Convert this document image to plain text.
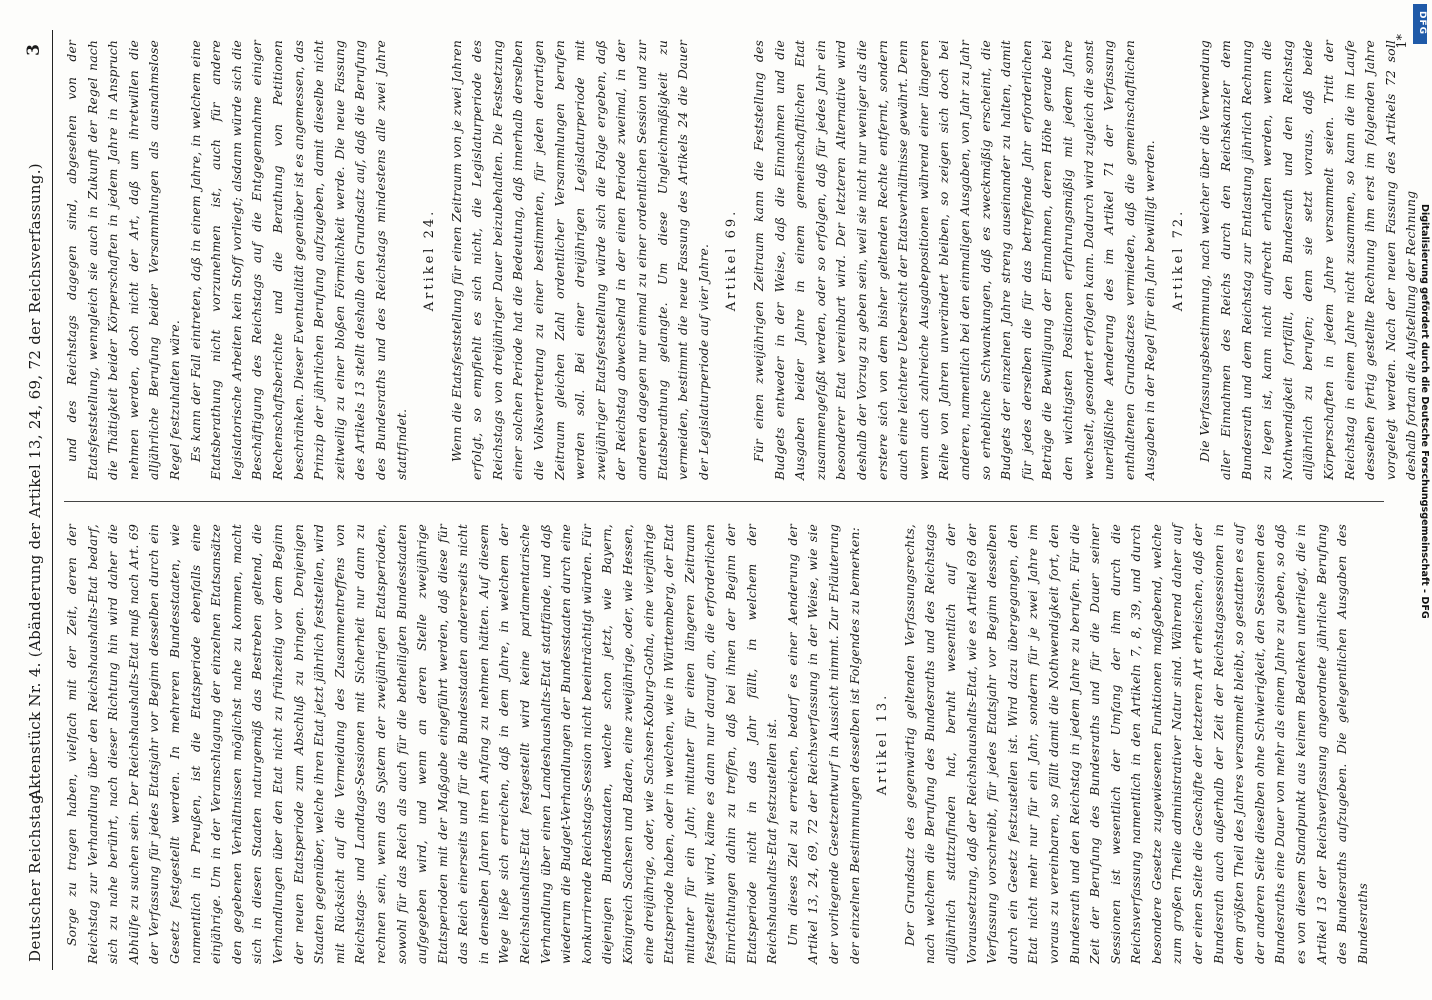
Deutscher Reichstag.
Aktenstück Nr. 4. (Abänderung der Artikel 13, 24, 69, 72 der Reichsverfassung.)
3

Sorge zu tragen haben, vielfach mit der Zeit, deren der Reichstag zur Verhandlung über den Reichshaushalts-Etat bedarf, sich zu nahe berührt, nach dieser Richtung hin wird daher die Abhülfe zu suchen sein. Der Reichshaushalts-Etat muß nach Art. 69 der Verfassung für jedes Etatsjahr vor Beginn desselben durch ein Gesetz festgestellt werden. In mehreren Bundesstaaten, wie namentlich in Preußen, ist die Etatsperiode ebenfalls eine einjährige. Um in der Veranschlagung der einzelnen Etatsansätze den gegebenen Verhältnissen möglichst nahe zu kommen, macht sich in diesen Staaten naturgemäß das Bestreben geltend, die Verhandlungen über den Etat nicht zu frühzeitig vor dem Beginn der neuen Etatsperiode zum Abschluß zu bringen. Denjenigen Staaten gegenüber, welche ihren Etat jetzt jährlich feststellen, wird mit Rücksicht auf die Vermeidung des Zusammentreffens von Reichstags- und Landtags-Sessionen mit Sicherheit nur dann zu rechnen sein, wenn das System der zweijährigen Etatsperioden, sowohl für das Reich als auch für die betheiligten Bundesstaaten aufgegeben wird, und wenn an deren Stelle zweijährige Etatsperioden mit der Maßgabe eingeführt werden, daß diese für das Reich einerseits und für die Bundesstaaten andererseits nicht in denselben Jahren ihren Anfang zu nehmen hätten. Auf diesem Wege ließe sich erreichen, daß in dem Jahre, in welchem der Reichshaushalts-Etat festgestellt wird keine parlamentarische Verhandlung über einen Landeshaushalts-Etat stattfände, und daß wiederum die Budget-Verhandlungen der Bundesstaaten durch eine konkurrirende Reichstags-Session nicht beeinträchtigt würden. Für diejenigen Bundesstaaten, welche schon jetzt, wie Bayern, Königreich Sachsen und Baden, eine zweijährige, oder, wie Hessen, eine dreijährige, oder, wie Sachsen-Koburg-Gotha, eine vierjährige Etatsperiode haben, oder in welchen, wie in Württemberg, der Etat mitunter für ein Jahr, mitunter für einen längeren Zeitraum festgestellt wird, käme es dann nur darauf an, die erforderlichen Einrichtungen dahin zu treffen, daß bei ihnen der Beginn der Etatsperiode nicht in das Jahr fällt, in welchem der Reichshaushalts-Etat festzustellen ist. Um dieses Ziel zu erreichen, bedarf es einer Aenderung der Artikel 13, 24, 69, 72 der Reichsverfassung in der Weise, wie sie der vorliegende Gesetzentwurf in Aussicht nimmt. Zur Erläuterung der einzelnen Bestimmungen desselben ist Folgendes zu bemerken: Artikel 13. Der Grundsatz des gegenwärtig geltenden Verfassungsrechts, nach welchem die Berufung des Bundesraths und des Reichstags alljährlich stattzufinden hat, beruht wesentlich auf der Voraussetzung, daß der Reichshaushalts-Etat, wie es Artikel 69 der Verfassung vorschreibt, für jedes Etatsjahr vor Beginn desselben durch ein Gesetz festzustellen ist. Wird dazu übergegangen, den Etat nicht mehr nur für ein Jahr, sondern für je zwei Jahre im voraus zu vereinbaren, so fällt damit die Nothwendigkeit fort, den Bundesrath und den Reichstag in jedem Jahre zu berufen. Für die Zeit der Berufung des Bundesraths und für die Dauer seiner Sessionen ist wesentlich der Umfang der ihm durch die Reichsverfassung namentlich in den Artikeln 7, 8, 39, und durch besondere Gesetze zugewiesenen Funktionen maßgebend, welche zum großen Theile administrativer Natur sind. Während daher auf der einen Seite die Geschäfte der letzteren Art erheischen, daß der Bundesrath auch außerhalb der Zeit der Reichstagssessionen in dem größten Theil des Jahres versammelt bleibt, so gestatten es auf der anderen Seite dieselben ohne Schwierigkeit, den Sessionen des Bundesraths eine Dauer von mehr als einem Jahre zu geben, so daß es von diesem Standpunkt aus keinem Bedenken unterliegt, die in Artikel 13 der Reichsverfassung angeordnete jährliche Berufung des Bundesraths aufzugeben. Die gelegentlichen Ausgaben des Bundesraths

und des Reichstags dagegen sind, abgesehen von der Etatsfeststellung, wenngleich sie auch in Zukunft der Regel nach die Thätigkeit beider Körperschaften in jedem Jahre in Anspruch nehmen werden, doch nicht der Art, daß um ihretwillen die alljährliche Berufung beider Versammlungen als ausnahmslose Regel festzuhalten wäre. Es kann der Fall eintreten, daß in einem Jahre, in welchem eine Etatsberathung nicht vorzunehmen ist, auch für andere legislatorische Arbeiten kein Stoff vorliegt; alsdann würde sich die Beschäftigung des Reichstags auf die Entgegennahme einiger Rechenschaftsberichte und die Berathung von Petitionen beschränken. Dieser Eventualität gegenüber ist es angemessen, das Prinzip der jährlichen Berufung aufzugeben, damit dieselbe nicht zeitweilig zu einer bloßen Förmlichkeit werde. Die neue Fassung des Artikels 13 stellt deshalb den Grundsatz auf, daß die Berufung des Bundesraths und des Reichstags mindestens alle zwei Jahre stattfindet.

Artikel 24. Wenn die Etatsfeststellung für einen Zeitraum von je zwei Jahren erfolgt, so empfiehlt es sich nicht, die Legislaturperiode des Reichstags von dreijähriger Dauer beizubehalten. Die Festsetzung einer solchen Periode hat die Bedeutung, daß innerhalb derselben die Volksvertretung zu einer bestimmten, für jeden derartigen Zeitraum gleichen Zahl ordentlicher Versammlungen berufen werden soll. Bei einer dreijährigen Legislaturperiode mit zweijähriger Etatsfeststellung würde sich die Folge ergeben, daß der Reichstag abwechselnd in der einen Periode zweimal, in der anderen dagegen nur einmal zu einer ordentlichen Session und zur Etatsberathung gelangte. Um diese Ungleichmäßigkeit zu vermeiden, bestimmt die neue Fassung des Artikels 24 die Dauer der Legislaturperiode auf vier Jahre. Artikel 69. Für einen zweijährigen Zeitraum kann die Feststellung des Budgets entweder in der Weise, daß die Einnahmen und die Ausgaben beider Jahre in einem gemeinschaftlichen Etat zusammengefaßt werden, oder so erfolgen, daß für jedes Jahr ein besonderer Etat vereinbart wird. Der letzteren Alternative wird deshalb der Vorzug zu geben sein, weil sie nicht nur weniger als die erstere sich von dem bisher geltenden Rechte entfernt, sondern auch eine leichtere Uebersicht der Etatsverhältnisse gewährt. Denn wenn auch zahlreiche Ausgabepositionen während einer längeren Reihe von Jahren unverändert bleiben, so zeigen sich doch bei anderen, namentlich bei den einmaligen Ausgaben, von Jahr zu Jahr so erhebliche Schwankungen, daß es zweckmäßig erscheint, die Budgets der einzelnen Jahre streng auseinander zu halten, damit für jedes derselben die für das betreffende Jahr erforderlichen Beträge die Bewilligung der Einnahmen, deren Höhe gerade bei den wichtigsten Positionen erfahrungsmäßig mit jedem Jahre wechselt, gesondert erfolgen kann. Dadurch wird zugleich die sonst unerläßliche Aenderung des im Artikel 71 der Verfassung enthaltenen Grundsatzes vermieden, daß die gemeinschaftlichen Ausgaben in der Regel für ein Jahr bewilligt werden. Artikel 72. Die Verfassungsbestimmung, nach welcher über die Verwendung aller Einnahmen des Reichs durch den Reichskanzler dem Bundesrath und dem Reichstag zur Entlastung jährlich Rechnung zu legen ist, kann nicht aufrecht erhalten werden, wenn die Nothwendigkeit fortfällt, den Bundesrath und den Reichstag alljährlich zu berufen; denn sie setzt voraus, daß beide Körperschaften in jedem Jahre versammelt seien. Tritt der Reichstag in einem Jahre nicht zusammen, so kann die im Laufe desselben fertig gestellte Rechnung ihm erst im folgenden Jahre vorgelegt werden. Nach der neuen Fassung des Artikels 72 soll deshalb fortan die Aufstellung der Rechnung

1*
DFG
Digitalisierung gefördert durch die Deutsche Forschungsgemeinschaft - DFG
